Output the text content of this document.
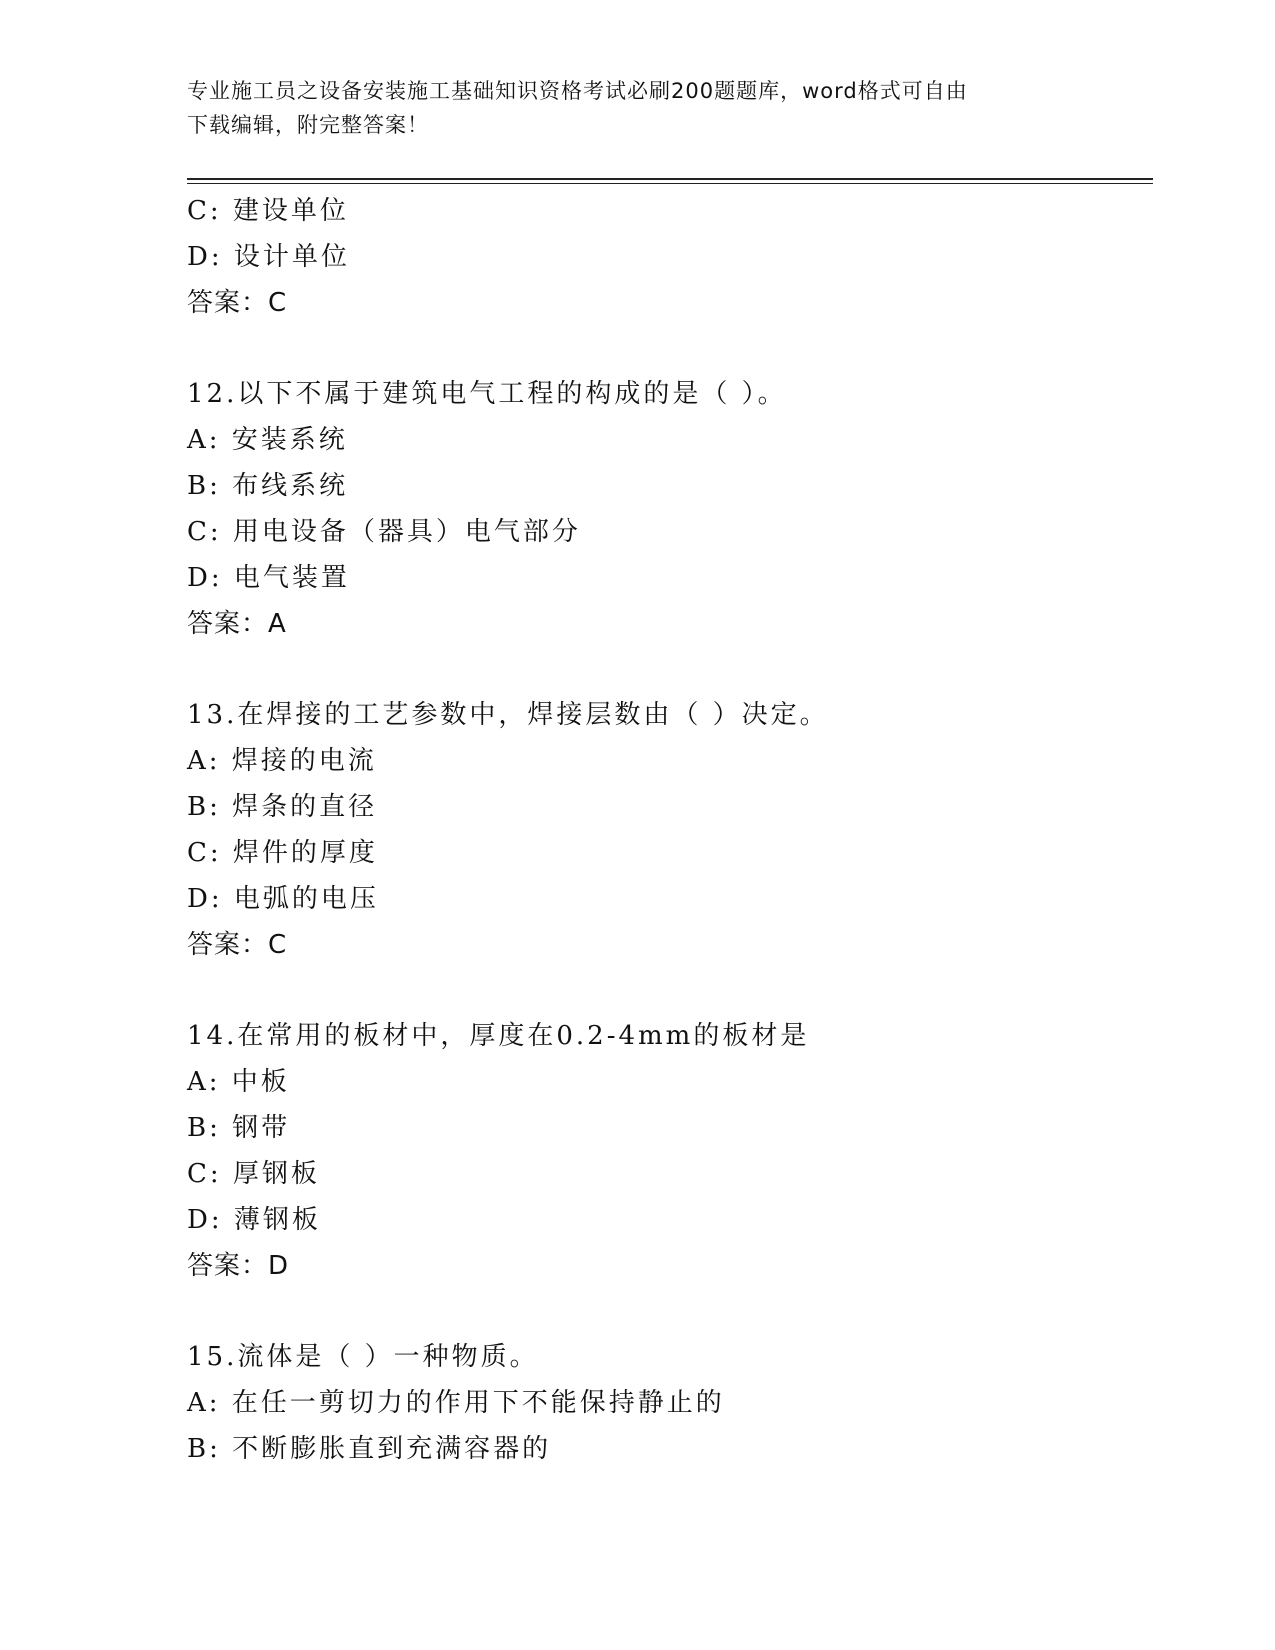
专业施工员之设备安装施工基础知识资格考试必刷200题题库，word格式可自由
下载编辑，附完整答案！
C: 建设单位
D: 设计单位
答案：C
12.以下不属于建筑电气工程的构成的是（ ）。
A: 安装系统
B: 布线系统
C: 用电设备（器具）电气部分
D: 电气装置
答案：A
13.在焊接的工艺参数中，焊接层数由（ ）决定。
A: 焊接的电流
B: 焊条的直径
C: 焊件的厚度
D: 电弧的电压
答案：C
14.在常用的板材中，厚度在0.2-4mm的板材是
A: 中板
B: 钢带
C: 厚钢板
D: 薄钢板
答案：D
15.流体是（ ）一种物质。
A: 在任一剪切力的作用下不能保持静止的
B: 不断膨胀直到充满容器的
